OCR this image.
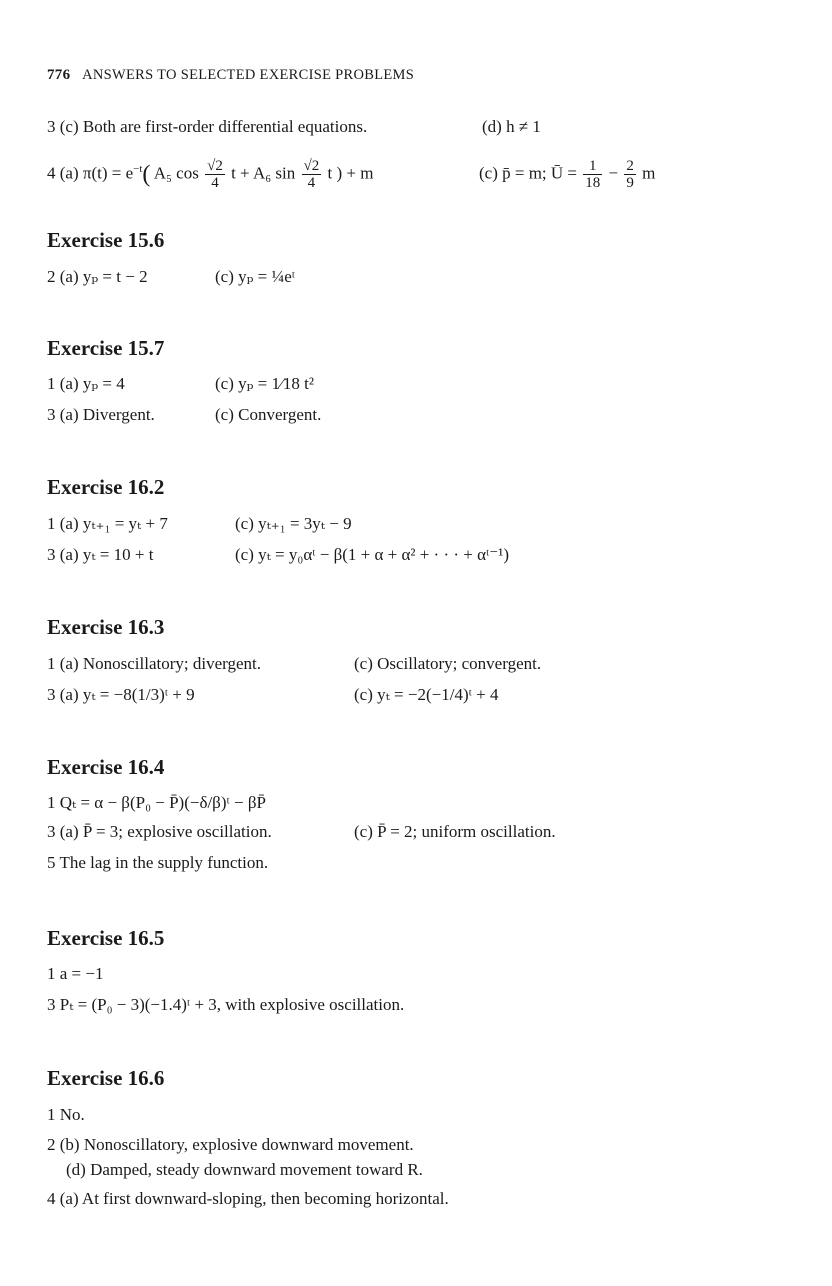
776 ANSWERS TO SELECTED EXERCISE PROBLEMS
3 (c) Both are first-order differential equations.	(d) h ≠ 1
4 (a) $\pi(t) = e^{-t}$( A₅ $\cos \frac{√2}{4}$ t + A₆ $\sin \frac{√2}{4}$ t ) + m	(c) p̄ = m; Ū = $\frac{1}{18} - \frac{2}{9}$ m
Exercise 15.6
2 (a) yₚ = t − 2	(c) yₚ = ¼eᵗ
Exercise 15.7
1 (a) yₚ = 4	(c) yₚ = 1⁄18 t²
3 (a) Divergent.	(c) Convergent.
Exercise 16.2
1 (a) yₜ₊₁ = yₜ + 7	(c) yₜ₊₁ = 3yₜ − 9
3 (a) yₜ = 10 + t	(c) yₜ = y₀αᵗ − β(1 + α + α² + · · · + αᵗ⁻¹)
Exercise 16.3
1 (a) Nonoscillatory; divergent.	(c) Oscillatory; convergent.
3 (a) yₜ = −8(1/3)ᵗ + 9	(c) yₜ = −2(−1/4)ᵗ + 4
Exercise 16.4
1 Qₜ = α − β(P₀ − P̄)(−δ/β)ᵗ − βP̄
3 (a) P̄ = 3; explosive oscillation.	(c) P̄ = 2; uniform oscillation.
5 The lag in the supply function.
Exercise 16.5
1 a = −1
3 Pₜ = (P₀ − 3)(−1.4)ᵗ + 3, with explosive oscillation.
Exercise 16.6
1 No.
2 (b) Nonoscillatory, explosive downward movement.
(d) Damped, steady downward movement toward R.
4 (a) At first downward-sloping, then becoming horizontal.
